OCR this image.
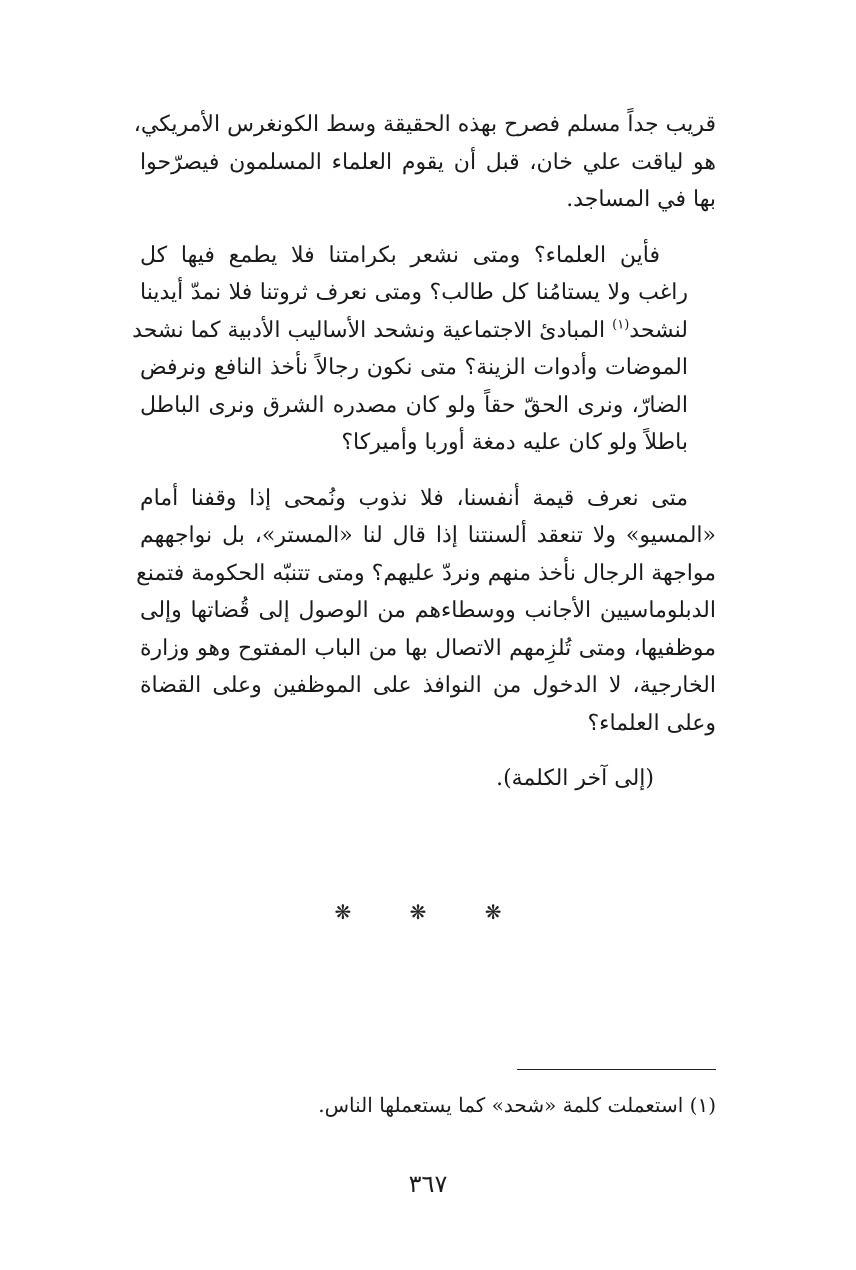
قريب جداً مسلم فصرح بهذه الحقيقة وسط الكونغرس الأمريكي،
هو لياقت علي خان، قبل أن يقوم العلماء المسلمون فيصرّحوا
بها في المساجد.

فأين العلماء؟ ومتى نشعر بكرامتنا فلا يطمع فيها كل
راغب ولا يستامُنا كل طالب؟ ومتى نعرف ثروتنا فلا نمدّ أيدينا
لنشحد$^{(١)}$ المبادئ الاجتماعية ونشحد الأساليب الأدبية كما نشحد
الموضات وأدوات الزينة؟ متى نكون رجالاً نأخذ النافع ونرفض
الضارّ، ونرى الحقّ حقاً ولو كان مصدره الشرق ونرى الباطل
باطلاً ولو كان عليه دمغة أوربا وأميركا؟

متى نعرف قيمة أنفسنا، فلا نذوب ونُمحى إذا وقفنا أمام
«المسيو» ولا تنعقد ألسنتنا إذا قال لنا «المستر»، بل نواجههم
مواجهة الرجال نأخذ منهم ونردّ عليهم؟ ومتى تتنبّه الحكومة فتمنع
الدبلوماسيين الأجانب ووسطاءهم من الوصول إلى قُضاتها وإلى
موظفيها، ومتى تُلزِمهم الاتصال بها من الباب المفتوح وهو وزارة
الخارجية، لا الدخول من النوافذ على الموظفين وعلى القضاة
وعلى العلماء؟

(إلى آخر الكلمة).

❋ ❋ ❋
(١) استعملت كلمة «شحد» كما يستعملها الناس.
٣٦٧
